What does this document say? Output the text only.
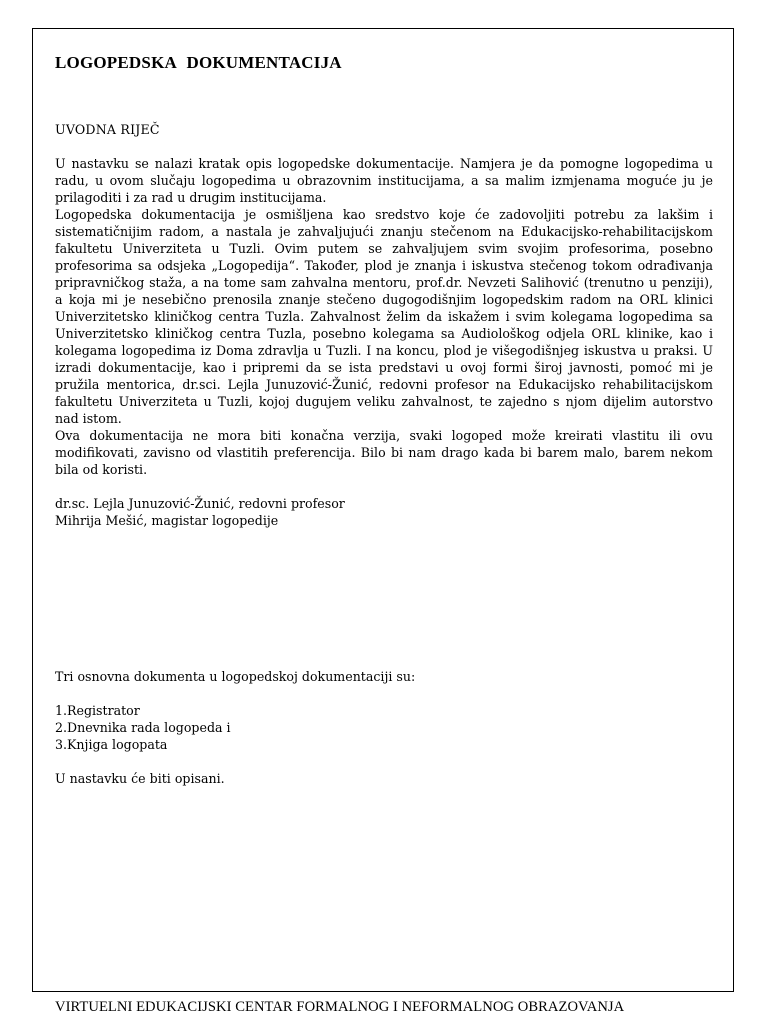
LOGOPEDSKA DOKUMENTACIJA

UVODNA RIJEČ

U nastavku se nalazi kratak opis logopedske dokumentacije. Namjera je da pomogne logopedima u radu, u ovom slučaju logopedima u obrazovnim institucijama, a sa malim izmjenama moguće ju je prilagoditi i za rad u drugim institucijama.

Logopedska dokumentacija je osmišljena kao sredstvo koje će zadovoljiti potrebu za lakšim i sistematičnijim radom, a nastala je zahvaljujući znanju stečenom na Edukacijsko-rehabilitacijskom fakultetu Univerziteta u Tuzli. Ovim putem se zahvaljujem svim svojim profesorima, posebno profesorima sa odsjeka „Logopedija“. Također, plod je znanja i iskustva stečenog tokom odrađivanja pripravničkog staža, a na tome sam zahvalna mentoru, prof.dr. Nevzeti Salihović (trenutno u penziji), a koja mi je nesebično prenosila znanje stečeno dugogodišnjim logopedskim radom na ORL klinici Univerzitetsko kliničkog centra Tuzla. Zahvalnost želim da iskažem i svim kolegama logopedima sa Univerzitetsko kliničkog centra Tuzla, posebno kolegama sa Audiološkog odjela ORL klinike, kao i kolegama logopedima iz Doma zdravlja u Tuzli. I na koncu, plod je višegodišnjeg iskustva u praksi. U izradi dokumentacije, kao i pripremi da se ista predstavi u ovoj formi široj javnosti, pomoć mi je pružila mentorica, dr.sci. Lejla Junuzović-Žunić, redovni profesor na Edukacijsko rehabilitacijskom fakultetu Univerziteta u Tuzli, kojoj dugujem veliku zahvalnost, te zajedno s njom dijelim autorstvo nad istom.

Ova dokumentacija ne mora biti konačna verzija, svaki logoped može kreirati vlastitu ili ovu modifikovati, zavisno od vlastitih preferencija. Bilo bi nam drago kada bi barem malo, barem nekom bila od koristi.

dr.sc. Lejla Junuzović-Žunić, redovni profesor

Mihrija Mešić, magistar logopedije

Tri osnovna dokumenta u logopedskoj dokumentaciji su:

1.Registrator
2.Dnevnika rada logopeda i
3.Knjiga logopata

U nastavku će biti opisani.

VIRTUELNI EDUKACIJSKI CENTAR FORMALNOG I NEFORMALNOG OBRAZOVANJA
